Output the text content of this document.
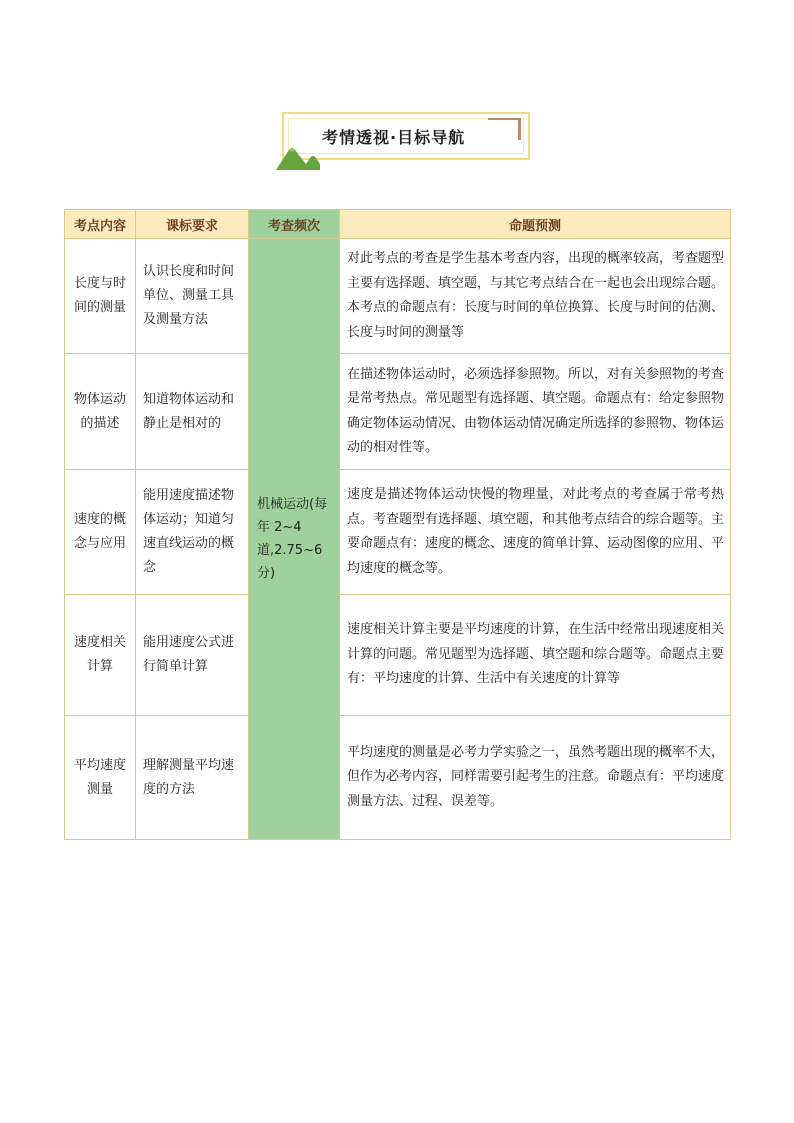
考情透视·目标导航
考点内容	课标要求	考查频次	命题预测
长度与时间的测量	认识长度和时间单位、测量工具及测量方法	机械运动(每年 2~4 道,2.75~6 分)	对此考点的考查是学生基本考查内容，出现的概率较高，考查题型主要有选择题、填空题，与其它考点结合在一起也会出现综合题。本考点的命题点有：长度与时间的单位换算、长度与时间的估测、长度与时间的测量等
物体运动的描述	知道物体运动和静止是相对的		在描述物体运动时，必须选择参照物。所以，对有关参照物的考查是常考热点。常见题型有选择题、填空题。命题点有：给定参照物确定物体运动情况、由物体运动情况确定所选择的参照物、物体运动的相对性等。
速度的概念与应用	能用速度描述物体运动；知道匀速直线运动的概念		速度是描述物体运动快慢的物理量，对此考点的考查属于常考热点。考查题型有选择题、填空题，和其他考点结合的综合题等。主要命题点有：速度的概念、速度的简单计算、运动图像的应用、平均速度的概念等。
速度相关计算	能用速度公式进行简单计算		速度相关计算主要是平均速度的计算，在生活中经常出现速度相关计算的问题。常见题型为选择题、填空题和综合题等。命题点主要有：平均速度的计算、生活中有关速度的计算等
平均速度测量	理解测量平均速度的方法		平均速度的测量是必考力学实验之一，虽然考题出现的概率不大，但作为必考内容，同样需要引起考生的注意。命题点有：平均速度测量方法、过程、误差等。
